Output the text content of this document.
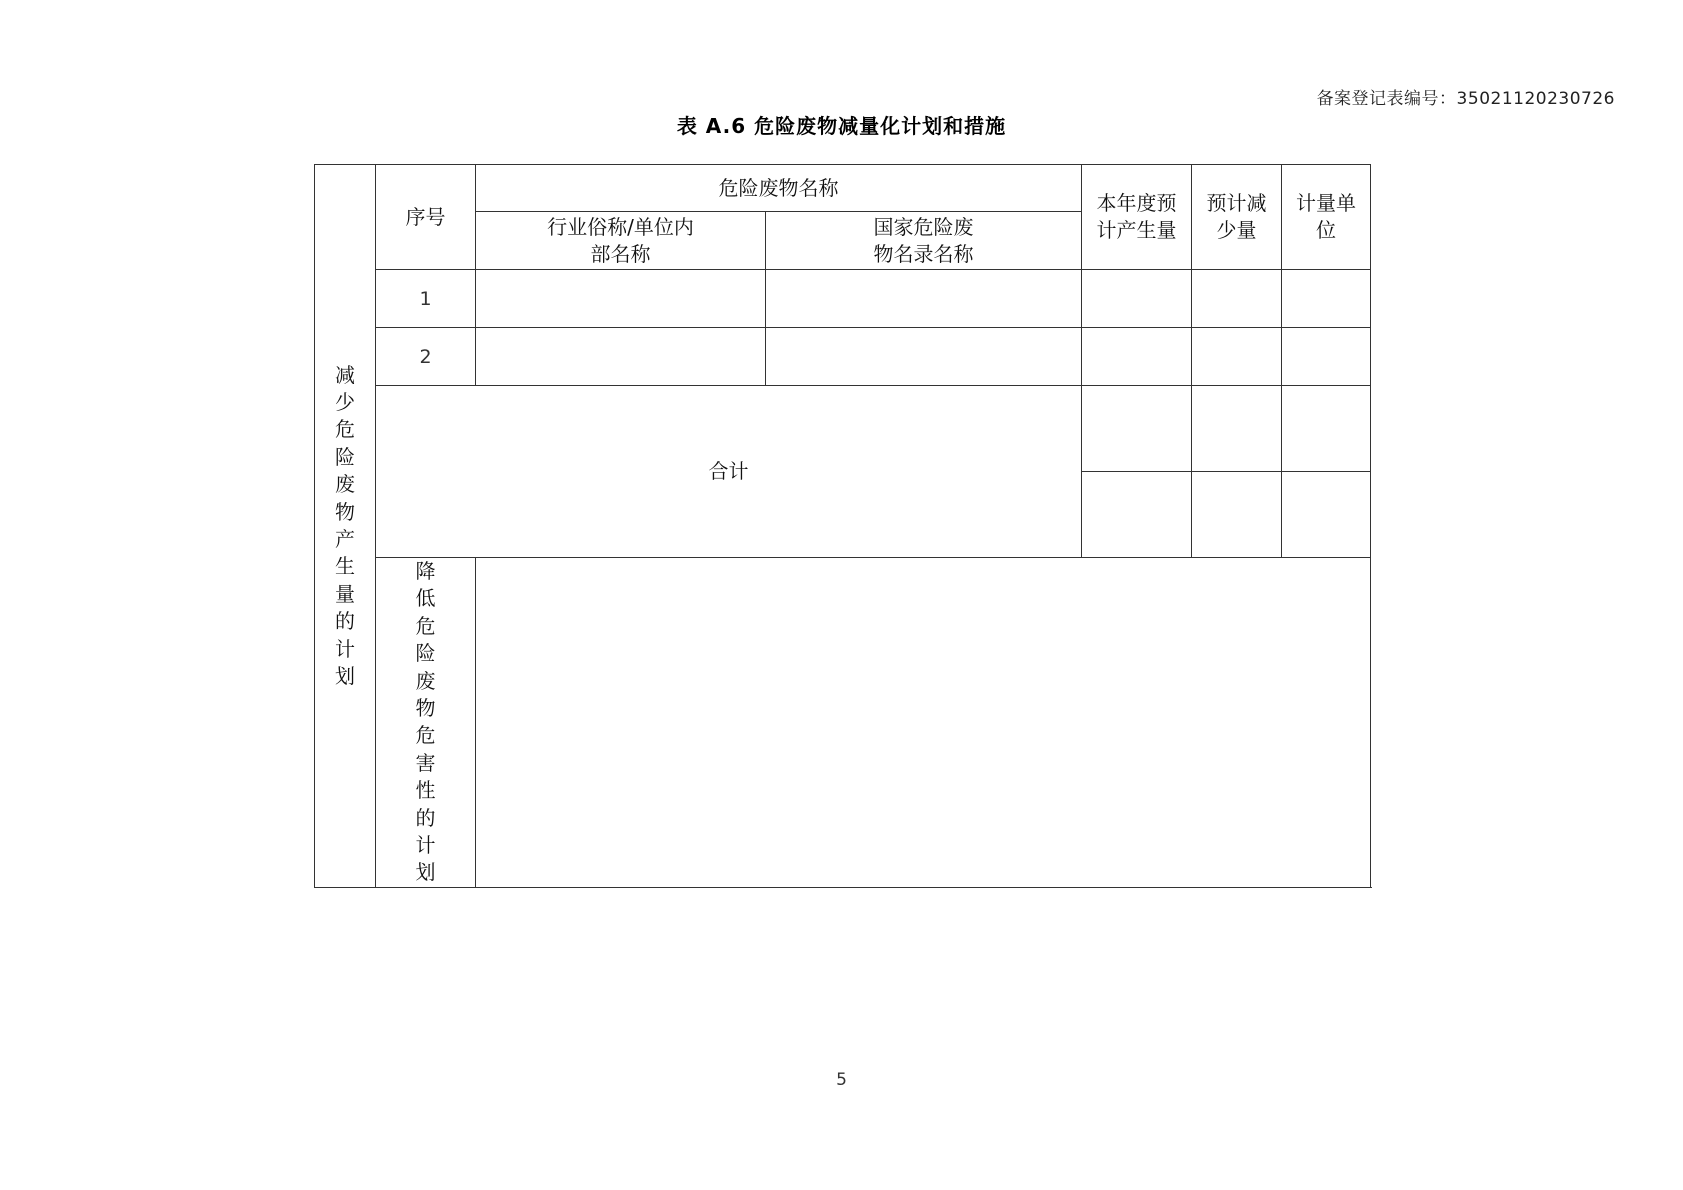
备案登记表编号：35021120230726
表 A.6 危险废物减量化计划和措施
减少危险废物产生量的计划	序号	危险废物名称		本年度预计产生量	预计减少量	计量单位

		行业俗称/单位内部名称	国家危险废物名录名称			

	1					
	2					

	合计					

	降低危险废物危害性的计划					

5
